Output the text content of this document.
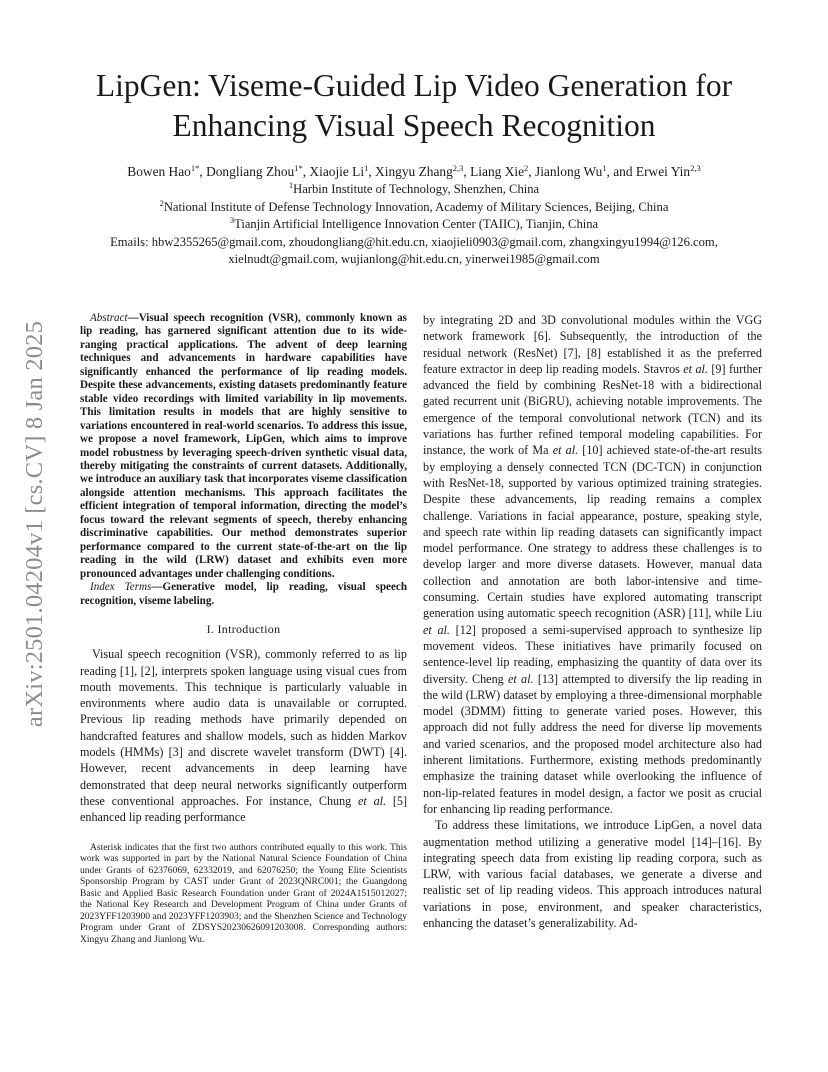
arXiv:2501.04204v1 [cs.CV] 8 Jan 2025
LipGen: Viseme-Guided Lip Video Generation for
Enhancing Visual Speech Recognition
Bowen Hao$^{1*}$, Dongliang Zhou$^{1*}$, Xiaojie Li$^1$, Xingyu Zhang$^{2,3}$, Liang Xie$^2$, Jianlong Wu$^1$, and Erwei Yin$^{2,3}$
$^1$Harbin Institute of Technology, Shenzhen, China
$^2$National Institute of Defense Technology Innovation, Academy of Military Sciences, Beijing, China
$^3$Tianjin Artificial Intelligence Innovation Center (TAIIC), Tianjin, China
Emails: hbw2355265@gmail.com, zhoudongliang@hit.edu.cn, xiaojieli0903@gmail.com, zhangxingyu1994@126.com,
xielnudt@gmail.com, wujianlong@hit.edu.cn, yinerwei1985@gmail.com

Abstract—Visual speech recognition (VSR), commonly known as lip reading, has garnered significant attention due to its wide-ranging practical applications. The advent of deep learning techniques and advancements in hardware capabilities have significantly enhanced the performance of lip reading models. Despite these advancements, existing datasets predominantly feature stable video recordings with limited variability in lip movements. This limitation results in models that are highly sensitive to variations encountered in real-world scenarios. To address this issue, we propose a novel framework, LipGen, which aims to improve model robustness by leveraging speech-driven synthetic visual data, thereby mitigating the constraints of current datasets. Additionally, we introduce an auxiliary task that incorporates viseme classification alongside attention mechanisms. This approach facilitates the efficient integration of temporal information, directing the model’s focus toward the relevant segments of speech, thereby enhancing discriminative capabilities. Our method demonstrates superior performance compared to the current state-of-the-art on the lip reading in the wild (LRW) dataset and exhibits even more pronounced advantages under challenging conditions.

Index Terms—Generative model, lip reading, visual speech recognition, viseme labeling.

I. Introduction

Visual speech recognition (VSR), commonly referred to as lip reading [1], [2], interprets spoken language using visual cues from mouth movements. This technique is particularly valuable in environments where audio data is unavailable or corrupted. Previous lip reading methods have primarily depended on handcrafted features and shallow models, such as hidden Markov models (HMMs) [3] and discrete wavelet transform (DWT) [4]. However, recent advancements in deep learning have demonstrated that deep neural networks significantly outperform these conventional approaches. For instance, Chung et al. [5] enhanced lip reading performance

Asterisk indicates that the first two authors contributed equally to this work. This work was supported in part by the National Natural Science Foundation of China under Grants of 62376069, 62332019, and 62076250; the Young Elite Scientists Sponsorship Program by CAST under Grant of 2023QNRC001; the Guangdong Basic and Applied Basic Research Foundation under Grant of 2024A1515012027; the National Key Research and Development Program of China under Grants of 2023YFF1203900 and 2023YFF1203903; and the Shenzhen Science and Technology Program under Grant of ZDSYS20230626091203008. Corresponding authors: Xingyu Zhang and Jianlong Wu.

by integrating 2D and 3D convolutional modules within the VGG network framework [6]. Subsequently, the introduction of the residual network (ResNet) [7], [8] established it as the preferred feature extractor in deep lip reading models. Stavros et al. [9] further advanced the field by combining ResNet-18 with a bidirectional gated recurrent unit (BiGRU), achieving notable improvements. The emergence of the temporal convolutional network (TCN) and its variations has further refined temporal modeling capabilities. For instance, the work of Ma et al. [10] achieved state-of-the-art results by employing a densely connected TCN (DC-TCN) in conjunction with ResNet-18, supported by various optimized training strategies. Despite these advancements, lip reading remains a complex challenge. Variations in facial appearance, posture, speaking style, and speech rate within lip reading datasets can significantly impact model performance. One strategy to address these challenges is to develop larger and more diverse datasets. However, manual data collection and annotation are both labor-intensive and time-consuming. Certain studies have explored automating transcript generation using automatic speech recognition (ASR) [11], while Liu et al. [12] proposed a semi-supervised approach to synthesize lip movement videos. These initiatives have primarily focused on sentence-level lip reading, emphasizing the quantity of data over its diversity. Cheng et al. [13] attempted to diversify the lip reading in the wild (LRW) dataset by employing a three-dimensional morphable model (3DMM) fitting to generate varied poses. However, this approach did not fully address the need for diverse lip movements and varied scenarios, and the proposed model architecture also had inherent limitations. Furthermore, existing methods predominantly emphasize the training dataset while overlooking the influence of non-lip-related features in model design, a factor we posit as crucial for enhancing lip reading performance.

To address these limitations, we introduce LipGen, a novel data augmentation method utilizing a generative model [14]–[16]. By integrating speech data from existing lip reading corpora, such as LRW, with various facial databases, we generate a diverse and realistic set of lip reading videos. This approach introduces natural variations in pose, environment, and speaker characteristics, enhancing the dataset’s generalizability. Ad-
